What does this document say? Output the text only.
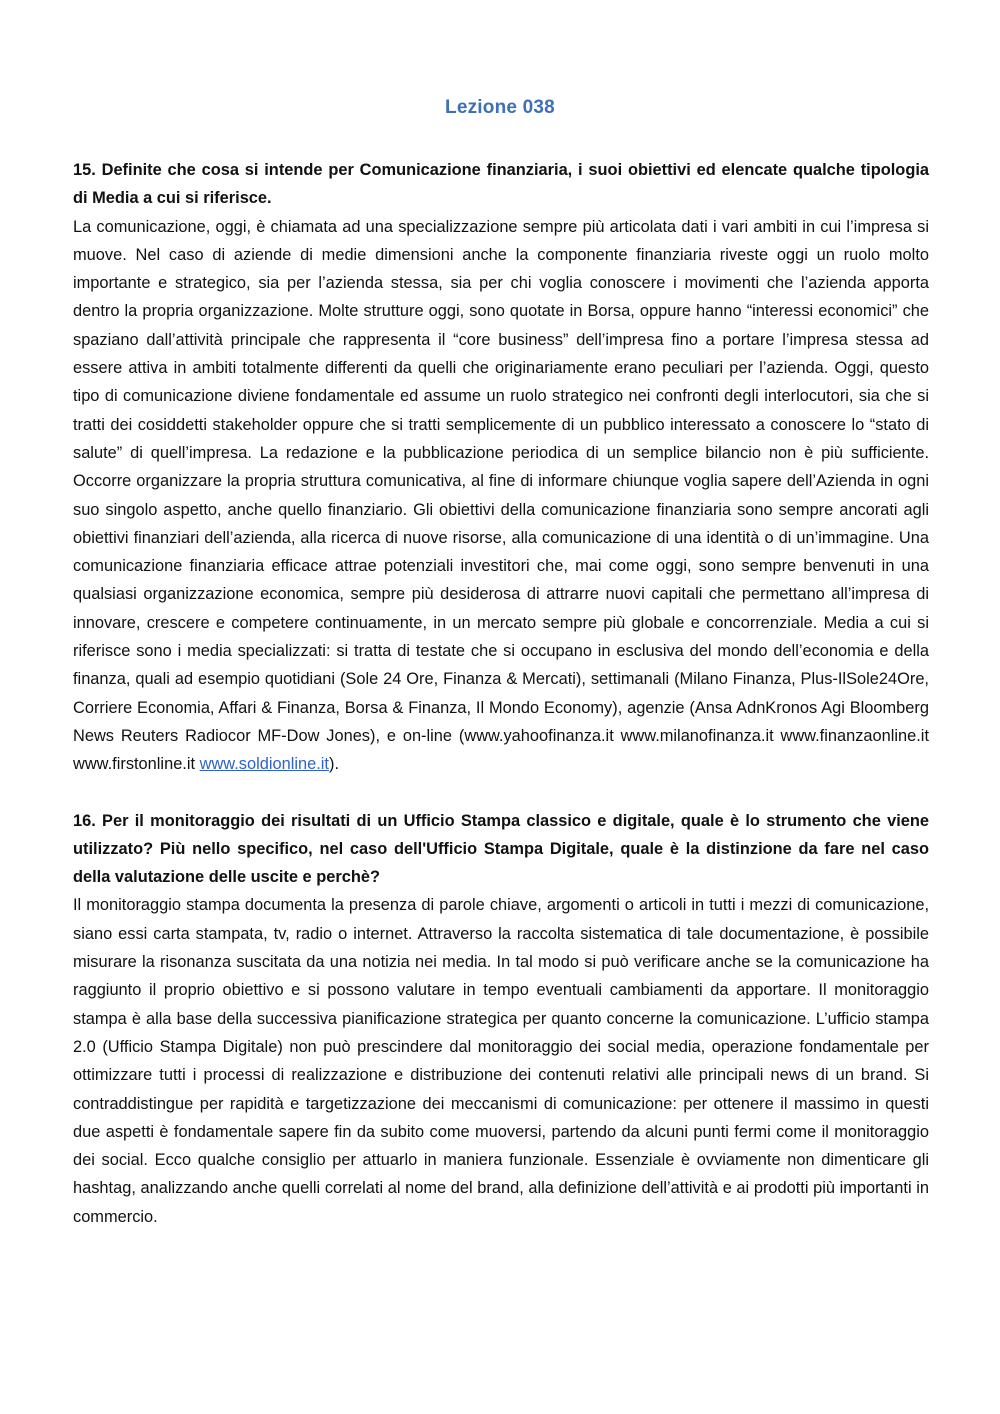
Lezione 038

15. Definite che cosa si intende per Comunicazione finanziaria, i suoi obiettivi ed elencate qualche tipologia di Media a cui si riferisce.

La comunicazione, oggi, è chiamata ad una specializzazione sempre più articolata dati i vari ambiti in cui l’impresa si muove. Nel caso di aziende di medie dimensioni anche la componente finanziaria riveste oggi un ruolo molto importante e strategico, sia per l’azienda stessa, sia per chi voglia conoscere i movimenti che l’azienda apporta dentro la propria organizzazione. Molte strutture oggi, sono quotate in Borsa, oppure hanno “interessi economici” che spaziano dall’attività principale che rappresenta il “core business” dell’impresa fino a portare l’impresa stessa ad essere attiva in ambiti totalmente differenti da quelli che originariamente erano peculiari per l’azienda. Oggi, questo tipo di comunicazione diviene fondamentale ed assume un ruolo strategico nei confronti degli interlocutori, sia che si tratti dei cosiddetti stakeholder oppure che si tratti semplicemente di un pubblico interessato a conoscere lo “stato di salute” di quell’impresa. La redazione e la pubblicazione periodica di un semplice bilancio non è più sufficiente. Occorre organizzare la propria struttura comunicativa, al fine di informare chiunque voglia sapere dell’Azienda in ogni suo singolo aspetto, anche quello finanziario. Gli obiettivi della comunicazione finanziaria sono sempre ancorati agli obiettivi finanziari dell’azienda, alla ricerca di nuove risorse, alla comunicazione di una identità o di un’immagine. Una comunicazione finanziaria efficace attrae potenziali investitori che, mai come oggi, sono sempre benvenuti in una qualsiasi organizzazione economica, sempre più desiderosa di attrarre nuovi capitali che permettano all’impresa di innovare, crescere e competere continuamente, in un mercato sempre più globale e concorrenziale. Media a cui si riferisce sono i media specializzati: si tratta di testate che si occupano in esclusiva del mondo dell’economia e della finanza, quali ad esempio quotidiani (Sole 24 Ore, Finanza & Mercati), settimanali (Milano Finanza, Plus-IlSole24Ore, Corriere Economia, Affari & Finanza, Borsa & Finanza, Il Mondo Economy), agenzie (Ansa AdnKronos Agi Bloomberg News Reuters Radiocor MF-Dow Jones), e on-line (www.yahoofinanza.it www.milanofinanza.it www.finanzaonline.it www.firstonline.it www.soldionline.it).

16. Per il monitoraggio dei risultati di un Ufficio Stampa classico e digitale, quale è lo strumento che viene utilizzato? Più nello specifico, nel caso dell'Ufficio Stampa Digitale, quale è la distinzione da fare nel caso della valutazione delle uscite e perchè?

Il monitoraggio stampa documenta la presenza di parole chiave, argomenti o articoli in tutti i mezzi di comunicazione, siano essi carta stampata, tv, radio o internet. Attraverso la raccolta sistematica di tale documentazione, è possibile misurare la risonanza suscitata da una notizia nei media. In tal modo si può verificare anche se la comunicazione ha raggiunto il proprio obiettivo e si possono valutare in tempo eventuali cambiamenti da apportare. Il monitoraggio stampa è alla base della successiva pianificazione strategica per quanto concerne la comunicazione. L’ufficio stampa 2.0 (Ufficio Stampa Digitale) non può prescindere dal monitoraggio dei social media, operazione fondamentale per ottimizzare tutti i processi di realizzazione e distribuzione dei contenuti relativi alle principali news di un brand. Si contraddistingue per rapidità e targetizzazione dei meccanismi di comunicazione: per ottenere il massimo in questi due aspetti è fondamentale sapere fin da subito come muoversi, partendo da alcuni punti fermi come il monitoraggio dei social. Ecco qualche consiglio per attuarlo in maniera funzionale. Essenziale è ovviamente non dimenticare gli hashtag, analizzando anche quelli correlati al nome del brand, alla definizione dell’attività e ai prodotti più importanti in commercio.
